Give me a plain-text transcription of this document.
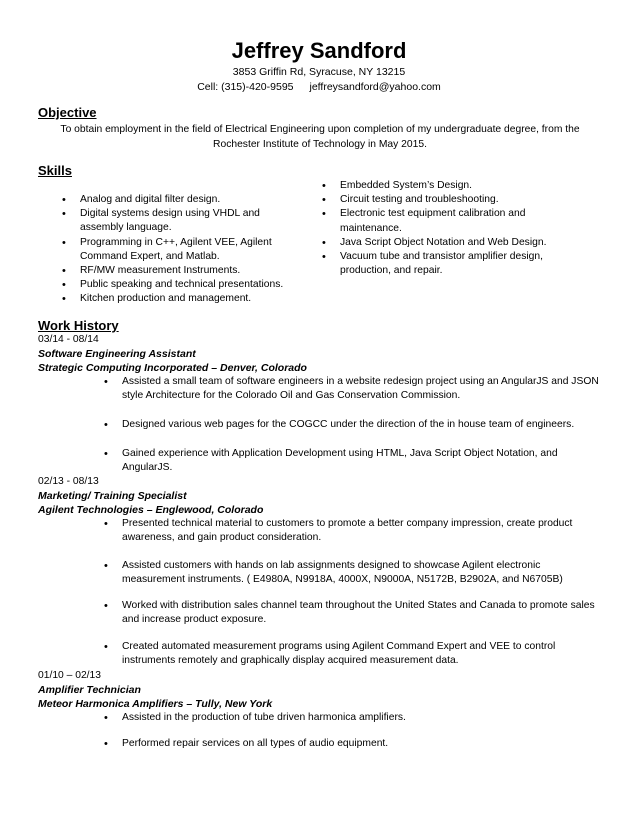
Jeffrey Sandford
3853 Griffin Rd, Syracuse, NY 13215
Cell: (315)-420-9595 jeffreysandford@yahoo.com
Objective
To obtain employment in the field of Electrical Engineering upon completion of my undergraduate degree, from the Rochester Institute of Technology in May 2015.
Skills
• Analog and digital filter design.
• Digital systems design using VHDL and assembly language.
• Programming in C++, Agilent VEE, Agilent Command Expert, and Matlab.
• RF/MW measurement Instruments.
• Public speaking and technical presentations.
• Kitchen production and management.
• Embedded System’s Design.
• Circuit testing and troubleshooting.
• Electronic test equipment calibration and maintenance.
• Java Script Object Notation and Web Design.
• Vacuum tube and transistor amplifier design, production, and repair.
Work History
03/14 - 08/14
Software Engineering Assistant
Strategic Computing Incorporated – Denver, Colorado
• Assisted a small team of software engineers in a website redesign project using an AngularJS and JSON style Architecture for the Colorado Oil and Gas Conservation Commission.
• Designed various web pages for the COGCC under the direction of the in house team of engineers.
• Gained experience with Application Development using HTML, Java Script Object Notation, and AngularJS.
02/13 - 08/13
Marketing/ Training Specialist
Agilent Technologies – Englewood, Colorado
• Presented technical material to customers to promote a better company impression, create product awareness, and gain product consideration.
• Assisted customers with hands on lab assignments designed to showcase Agilent electronic measurement instruments. ( E4980A, N9918A, 4000X, N9000A, N5172B, B2902A, and N6705B)
• Worked with distribution sales channel team throughout the United States and Canada to promote sales and increase product exposure.
• Created automated measurement programs using Agilent Command Expert and VEE to control instruments remotely and graphically display acquired measurement data.
01/10 – 02/13
Amplifier Technician
Meteor Harmonica Amplifiers – Tully, New York
• Assisted in the production of tube driven harmonica amplifiers.
• Performed repair services on all types of audio equipment.
